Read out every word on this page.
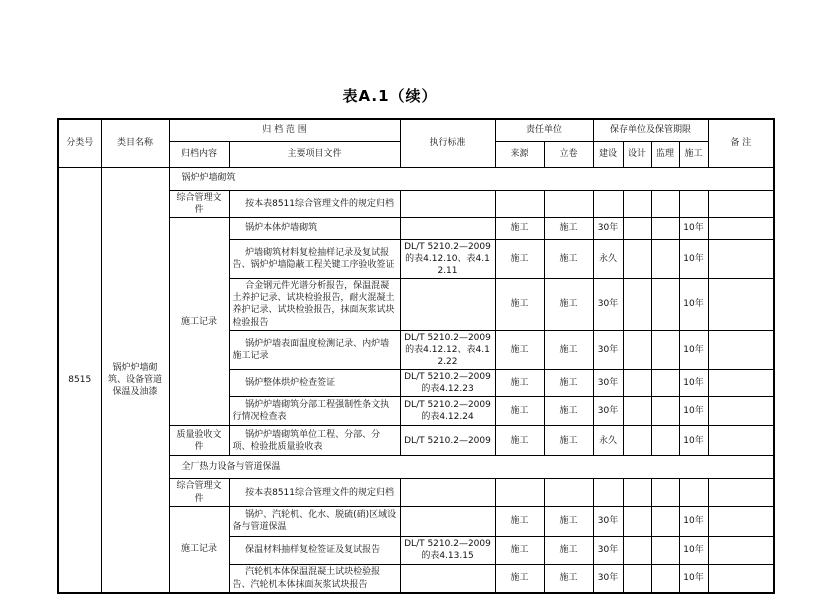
表A.1（续）
分类号	类目名称	归 档 范 围		执行标准	责任单位		保存单位及保管期限				备 注
		归档内容	主要项目文件		来源	立卷	建设	设计	监理	施工	
8515	锅炉炉墙砌筑、设备管道保温及油漆	锅炉炉墙砌筑									
		综合管理文件	按本表8511综合管理文件的规定归档								
		施工记录	锅炉本体炉墙砌筑		施工	施工	30年			10年	
			炉墙砌筑材料复检抽样记录及复试报告、锅炉炉墙隐蔽工程关键工序验收签证	DL/T 5210.2—2009的表4.12.10、表4.12.11	施工	施工	永久			10年	
			合金钢元件光谱分析报告，保温混凝土养护记录、试块检验报告，耐火混凝土养护记录、试块检验报告，抹面灰浆试块检验报告		施工	施工	30年			10年	
			锅炉炉墙表面温度检测记录、内炉墙施工记录	DL/T 5210.2—2009的表4.12.12、表4.12.22	施工	施工	30年			10年	
			锅炉整体烘炉检查签证	DL/T 5210.2—2009的表4.12.23	施工	施工	30年			10年	
			锅炉炉墙砌筑分部工程强制性条文执行情况检查表	DL/T 5210.2—2009的表4.12.24	施工	施工	30年			10年	
		质量验收文件	锅炉炉墙砌筑单位工程、分部、分项、检验批质量验收表	DL/T 5210.2—2009	施工	施工	永久			10年	
		全厂热力设备与管道保温									
		综合管理文件	按本表8511综合管理文件的规定归档								
		施工记录	锅炉、汽轮机、化水、脱硫(硝)区域设备与管道保温		施工	施工	30年			10年	
			保温材料抽样复检签证及复试报告	DL/T 5210.2—2009的表4.13.15	施工	施工	30年			10年	
			汽轮机本体保温混凝土试块检验报告、汽轮机本体抹面灰浆试块报告		施工	施工	30年			10年	
